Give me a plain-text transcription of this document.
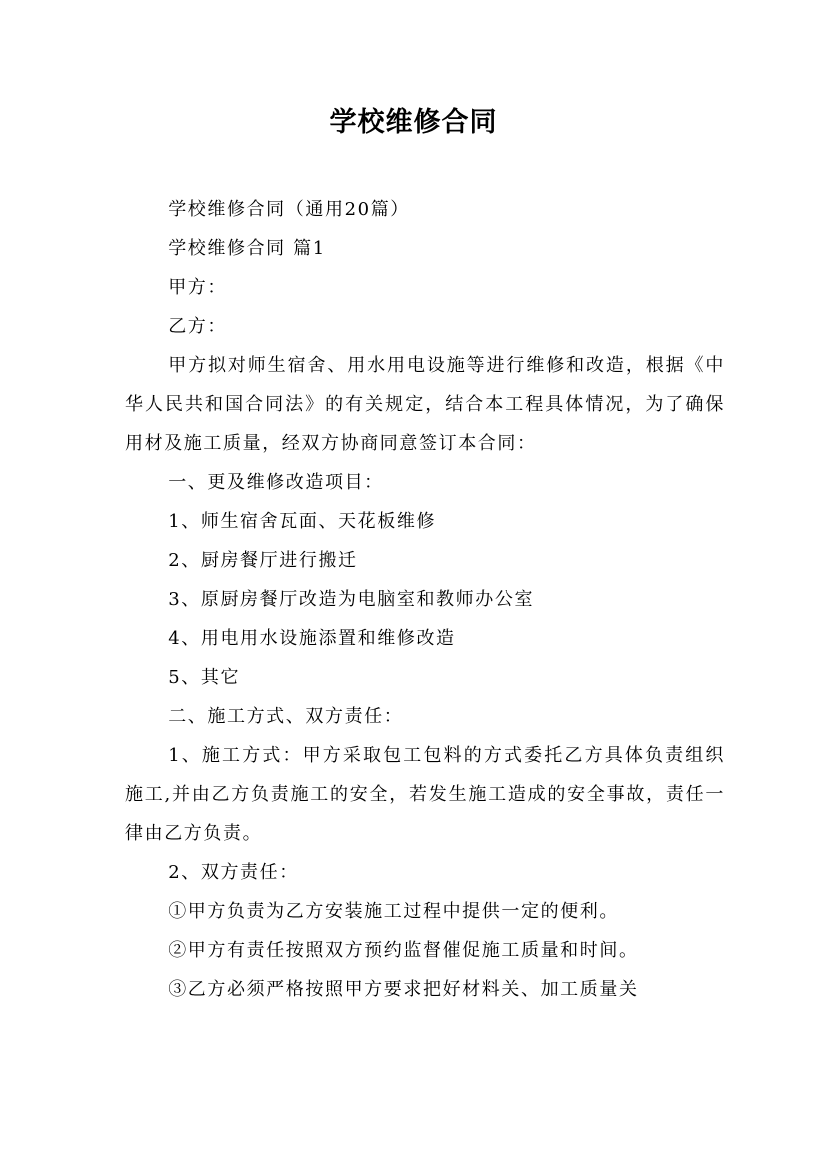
学校维修合同

学校维修合同（通用20篇）

学校维修合同 篇1

甲方：

乙方：

甲方拟对师生宿舍、用水用电设施等进行维修和改造，根据《中华人民共和国合同法》的有关规定，结合本工程具体情况，为了确保用材及施工质量，经双方协商同意签订本合同：

一、更及维修改造项目：

1、师生宿舍瓦面、天花板维修

2、厨房餐厅进行搬迁

3、原厨房餐厅改造为电脑室和教师办公室

4、用电用水设施添置和维修改造

5、其它

二、施工方式、双方责任：

1、施工方式：甲方采取包工包料的方式委托乙方具体负责组织施工,并由乙方负责施工的安全，若发生施工造成的安全事故，责任一律由乙方负责。

2、双方责任：

①甲方负责为乙方安装施工过程中提供一定的便利。

②甲方有责任按照双方预约监督催促施工质量和时间。

③乙方必须严格按照甲方要求把好材料关、加工质量关
